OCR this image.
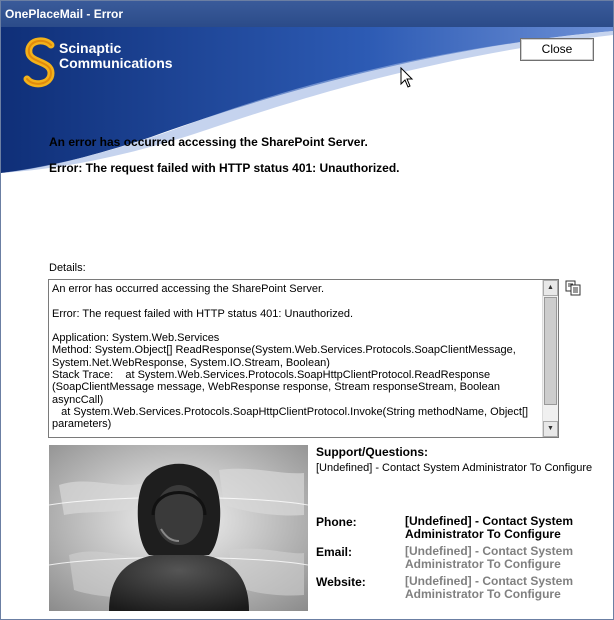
OnePlaceMail - Error
Scinaptic
Communications
Close
An error has occurred accessing the SharePoint Server.
Error: The request failed with HTTP status 401: Unauthorized.
Details:
An error has occurred accessing the SharePoint Server.

Error: The request failed with HTTP status 401: Unauthorized.

Application: System.Web.Services
Method: System.Object[] ReadResponse(System.Web.Services.Protocols.SoapClientMessage, System.Net.WebResponse, System.IO.Stream, Boolean)
Stack Trace:    at System.Web.Services.Protocols.SoapHttpClientProtocol.ReadResponse (SoapClientMessage message, WebResponse response, Stream responseStream, Boolean asyncCall)
at System.Web.Services.Protocols.SoapHttpClientProtocol.Invoke(String methodName, Object[] parameters)
▲
▼
Support/Questions:
[Undefined] - Contact System Administrator To Configure
Phone:	[Undefined] - Contact System Administrator To Configure
Email:	[Undefined] - Contact System Administrator To Configure
Website:	[Undefined] - Contact System Administrator To Configure
